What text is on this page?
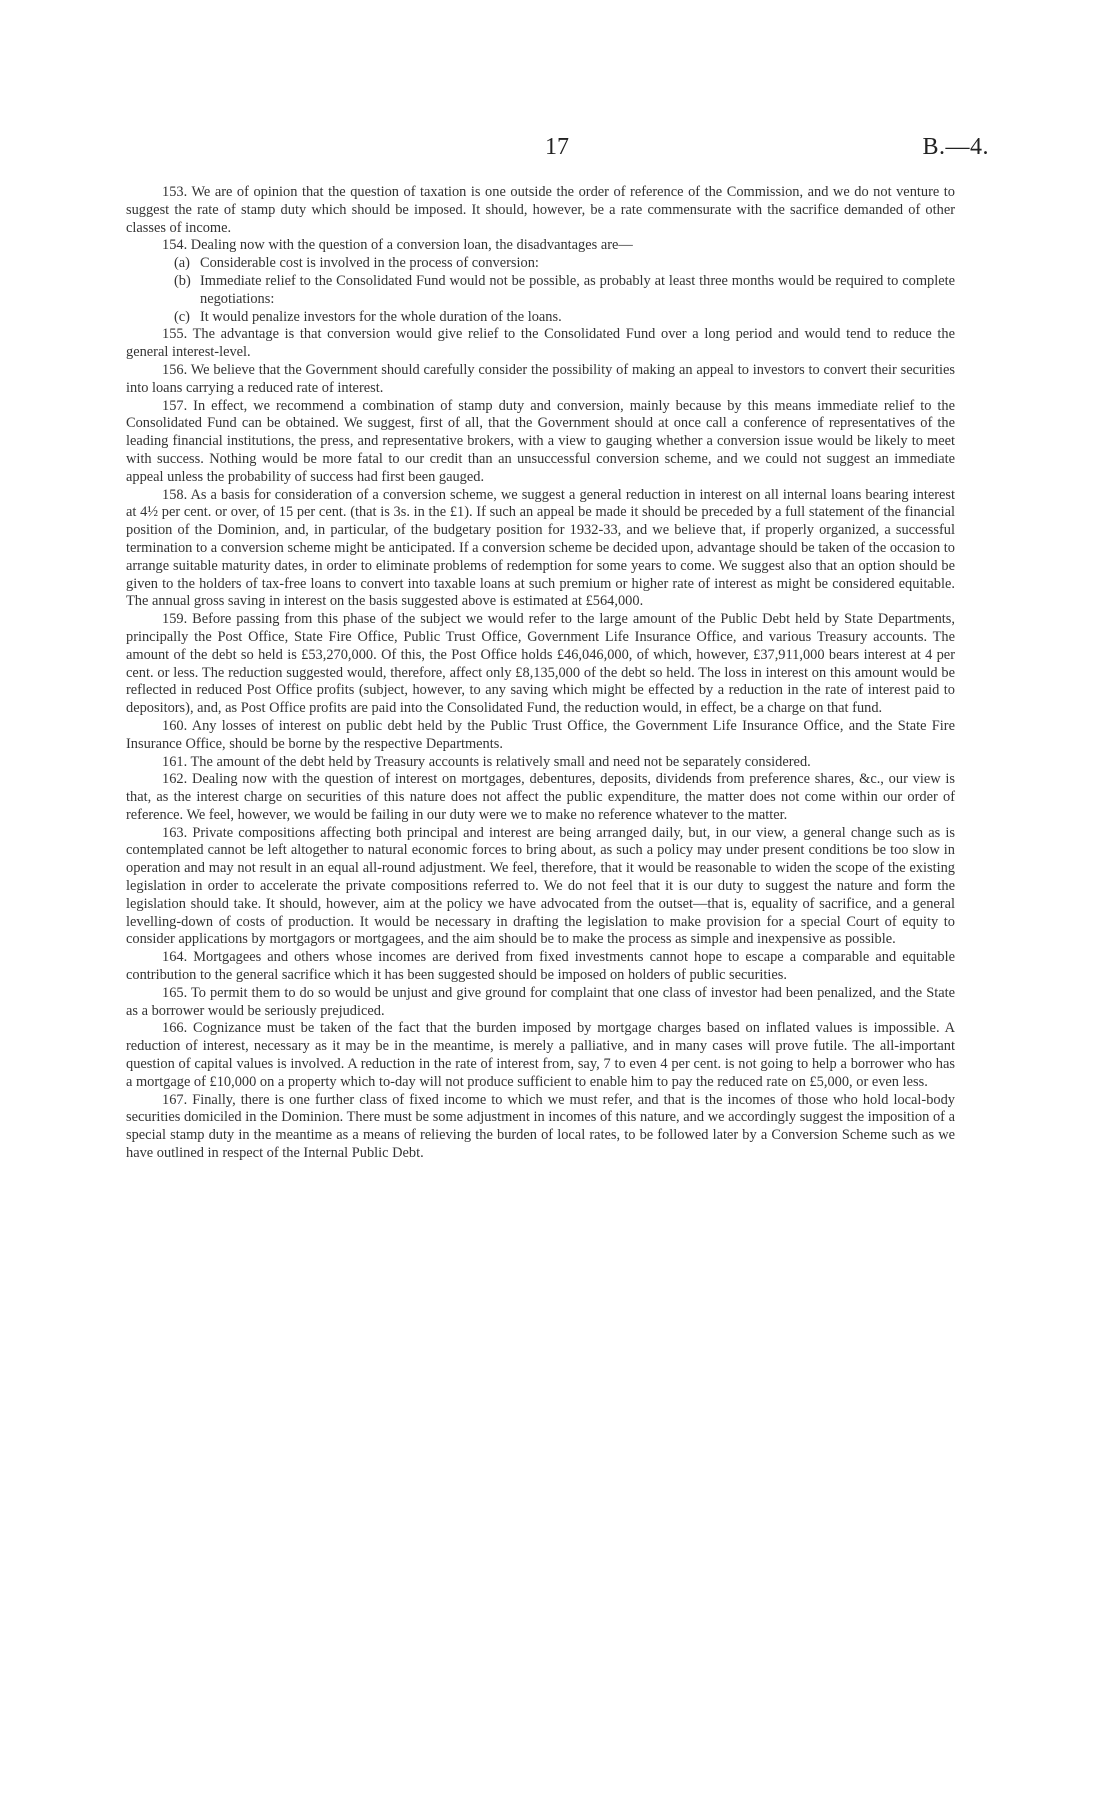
17	B.—4.

153. We are of opinion that the question of taxation is one outside the order of reference of the Commission, and we do not venture to suggest the rate of stamp duty which should be imposed. It should, however, be a rate commensurate with the sacrifice demanded of other classes of income.

154. Dealing now with the question of a conversion loan, the disadvantages are—

(a) Considerable cost is involved in the process of conversion:

(b) Immediate relief to the Consolidated Fund would not be possible, as probably at least three months would be required to complete negotiations:

(c) It would penalize investors for the whole duration of the loans.

155. The advantage is that conversion would give relief to the Consolidated Fund over a long period and would tend to reduce the general interest-level.

156. We believe that the Government should carefully consider the possibility of making an appeal to investors to convert their securities into loans carrying a reduced rate of interest.

157. In effect, we recommend a combination of stamp duty and conversion, mainly because by this means immediate relief to the Consolidated Fund can be obtained. We suggest, first of all, that the Government should at once call a conference of representatives of the leading financial institutions, the press, and representative brokers, with a view to gauging whether a conversion issue would be likely to meet with success. Nothing would be more fatal to our credit than an unsuccessful conversion scheme, and we could not suggest an immediate appeal unless the probability of success had first been gauged.

158. As a basis for consideration of a conversion scheme, we suggest a general reduction in interest on all internal loans bearing interest at 4½ per cent. or over, of 15 per cent. (that is 3s. in the £1). If such an appeal be made it should be preceded by a full statement of the financial position of the Dominion, and, in particular, of the budgetary position for 1932-33, and we believe that, if properly organized, a successful termination to a conversion scheme might be anticipated. If a conversion scheme be decided upon, advantage should be taken of the occasion to arrange suitable maturity dates, in order to eliminate problems of redemption for some years to come. We suggest also that an option should be given to the holders of tax-free loans to convert into taxable loans at such premium or higher rate of interest as might be considered equitable. The annual gross saving in interest on the basis suggested above is estimated at £564,000.

159. Before passing from this phase of the subject we would refer to the large amount of the Public Debt held by State Departments, principally the Post Office, State Fire Office, Public Trust Office, Government Life Insurance Office, and various Treasury accounts. The amount of the debt so held is £53,270,000. Of this, the Post Office holds £46,046,000, of which, however, £37,911,000 bears interest at 4 per cent. or less. The reduction suggested would, therefore, affect only £8,135,000 of the debt so held. The loss in interest on this amount would be reflected in reduced Post Office profits (subject, however, to any saving which might be effected by a reduction in the rate of interest paid to depositors), and, as Post Office profits are paid into the Consolidated Fund, the reduction would, in effect, be a charge on that fund.

160. Any losses of interest on public debt held by the Public Trust Office, the Government Life Insurance Office, and the State Fire Insurance Office, should be borne by the respective Departments.

161. The amount of the debt held by Treasury accounts is relatively small and need not be separately considered.

162. Dealing now with the question of interest on mortgages, debentures, deposits, dividends from preference shares, &c., our view is that, as the interest charge on securities of this nature does not affect the public expenditure, the matter does not come within our order of reference. We feel, however, we would be failing in our duty were we to make no reference whatever to the matter.

163. Private compositions affecting both principal and interest are being arranged daily, but, in our view, a general change such as is contemplated cannot be left altogether to natural economic forces to bring about, as such a policy may under present conditions be too slow in operation and may not result in an equal all-round adjustment. We feel, therefore, that it would be reasonable to widen the scope of the existing legislation in order to accelerate the private compositions referred to. We do not feel that it is our duty to suggest the nature and form the legislation should take. It should, however, aim at the policy we have advocated from the outset—that is, equality of sacrifice, and a general levelling-down of costs of production. It would be necessary in drafting the legislation to make provision for a special Court of equity to consider applications by mortgagors or mortgagees, and the aim should be to make the process as simple and inexpensive as possible.

164. Mortgagees and others whose incomes are derived from fixed investments cannot hope to escape a comparable and equitable contribution to the general sacrifice which it has been suggested should be imposed on holders of public securities.

165. To permit them to do so would be unjust and give ground for complaint that one class of investor had been penalized, and the State as a borrower would be seriously prejudiced.

166. Cognizance must be taken of the fact that the burden imposed by mortgage charges based on inflated values is impossible. A reduction of interest, necessary as it may be in the meantime, is merely a palliative, and in many cases will prove futile. The all-important question of capital values is involved. A reduction in the rate of interest from, say, 7 to even 4 per cent. is not going to help a borrower who has a mortgage of £10,000 on a property which to-day will not produce sufficient to enable him to pay the reduced rate on £5,000, or even less.

167. Finally, there is one further class of fixed income to which we must refer, and that is the incomes of those who hold local-body securities domiciled in the Dominion. There must be some adjustment in incomes of this nature, and we accordingly suggest the imposition of a special stamp duty in the meantime as a means of relieving the burden of local rates, to be followed later by a Conversion Scheme such as we have outlined in respect of the Internal Public Debt.
